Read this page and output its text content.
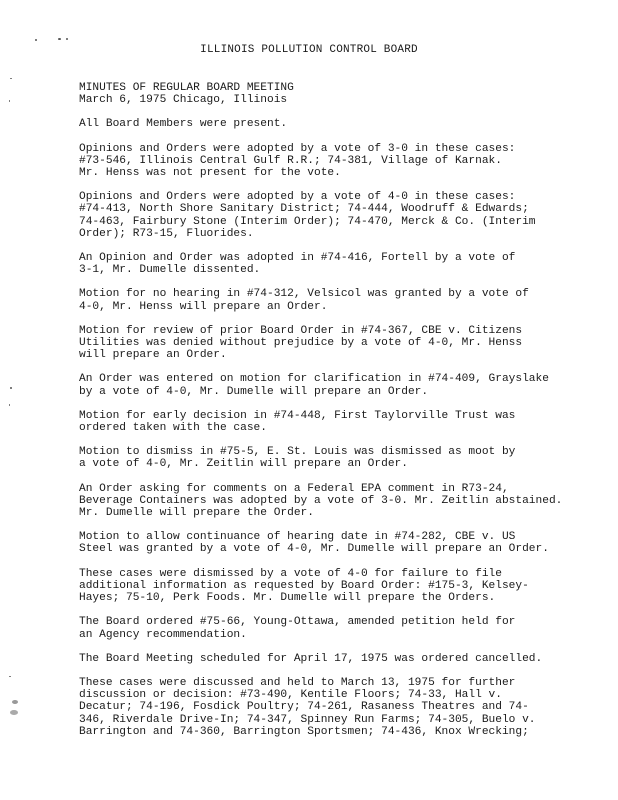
ILLINOIS POLLUTION CONTROL BOARD
MINUTES OF REGULAR BOARD MEETING
March 6, 1975 Chicago, Illinois
All Board Members were present.
Opinions and Orders were adopted by a vote of 3-0 in these cases:
#73-546, Illinois Central Gulf R.R.; 74-381, Village of Karnak.
Mr. Henss was not present for the vote.
Opinions and Orders were adopted by a vote of 4-0 in these cases:
#74-413, North Shore Sanitary District; 74-444, Woodruff & Edwards;
74-463, Fairbury Stone (Interim Order); 74-470, Merck & Co. (Interim
Order); R73-15, Fluorides.
An Opinion and Order was adopted in #74-416, Fortell by a vote of
3-1, Mr. Dumelle dissented.
Motion for no hearing in #74-312, Velsicol was granted by a vote of
4-0, Mr. Henss will prepare an Order.
Motion for review of prior Board Order in #74-367, CBE v. Citizens
Utilities was denied without prejudice by a vote of 4-0, Mr. Henss
will prepare an Order.
An Order was entered on motion for clarification in #74-409, Grayslake
by a vote of 4-0, Mr. Dumelle will prepare an Order.
Motion for early decision in #74-448, First Taylorville Trust was
ordered taken with the case.
Motion to dismiss in #75-5, E. St. Louis was dismissed as moot by
a vote of 4-0, Mr. Zeitlin will prepare an Order.
An Order asking for comments on a Federal EPA comment in R73-24,
Beverage Containers was adopted by a vote of 3-0. Mr. Zeitlin abstained.
Mr. Dumelle will prepare the Order.
Motion to allow continuance of hearing date in #74-282, CBE v. US
Steel was granted by a vote of 4-0, Mr. Dumelle will prepare an Order.
These cases were dismissed by a vote of 4-0 for failure to file
additional information as requested by Board Order: #175-3, Kelsey-
Hayes; 75-10, Perk Foods. Mr. Dumelle will prepare the Orders.
The Board ordered #75-66, Young-Ottawa, amended petition held for
an Agency recommendation.
The Board Meeting scheduled for April 17, 1975 was ordered cancelled.
These cases were discussed and held to March 13, 1975 for further
discussion or decision: #73-490, Kentile Floors; 74-33, Hall v.
Decatur; 74-196, Fosdick Poultry; 74-261, Rasaness Theatres and 74-
346, Riverdale Drive-In; 74-347, Spinney Run Farms; 74-305, Buelo v.
Barrington and 74-360, Barrington Sportsmen; 74-436, Knox Wrecking;
